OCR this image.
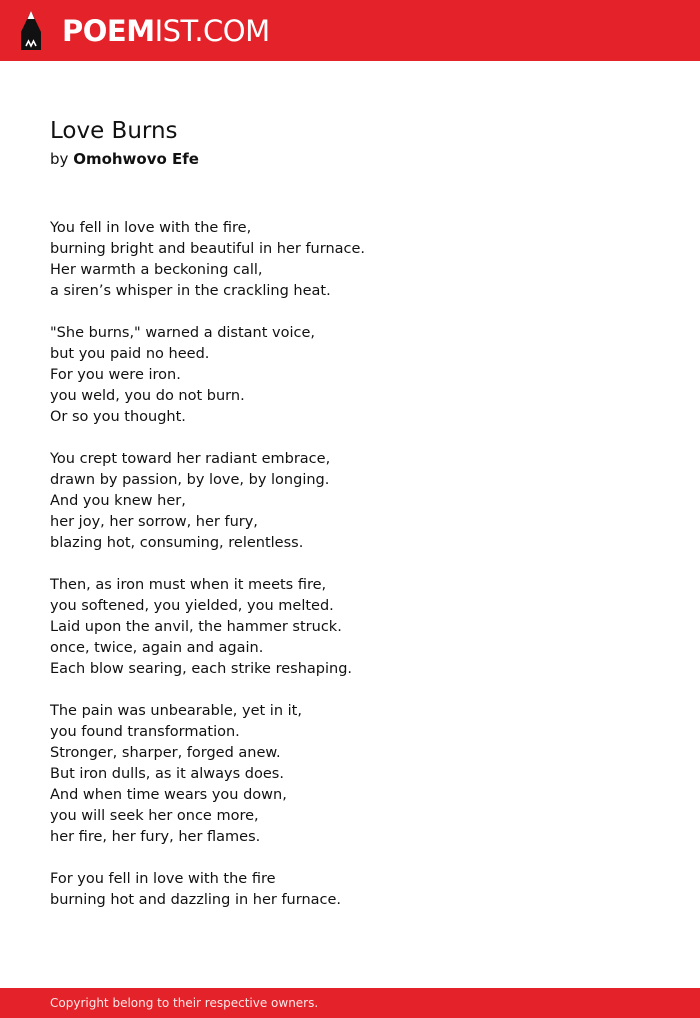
POEMIST.COM
Love Burns
by Omohwovo Efe
You fell in love with the fire,
burning bright and beautiful in her furnace.
Her warmth a beckoning call,
a siren’s whisper in the crackling heat.
"She burns," warned a distant voice,
but you paid no heed.
For you were iron.
you weld, you do not burn.
Or so you thought.
You crept toward her radiant embrace,
drawn by passion, by love, by longing.
And you knew her,
her joy, her sorrow, her fury,
blazing hot, consuming, relentless.
Then, as iron must when it meets fire,
you softened, you yielded, you melted.
Laid upon the anvil, the hammer struck.
once, twice, again and again.
Each blow searing, each strike reshaping.
The pain was unbearable, yet in it,
you found transformation.
Stronger, sharper, forged anew.
But iron dulls, as it always does.
And when time wears you down,
you will seek her once more,
her fire, her fury, her flames.
For you fell in love with the fire
burning hot and dazzling in her furnace.
Copyright belong to their respective owners.
